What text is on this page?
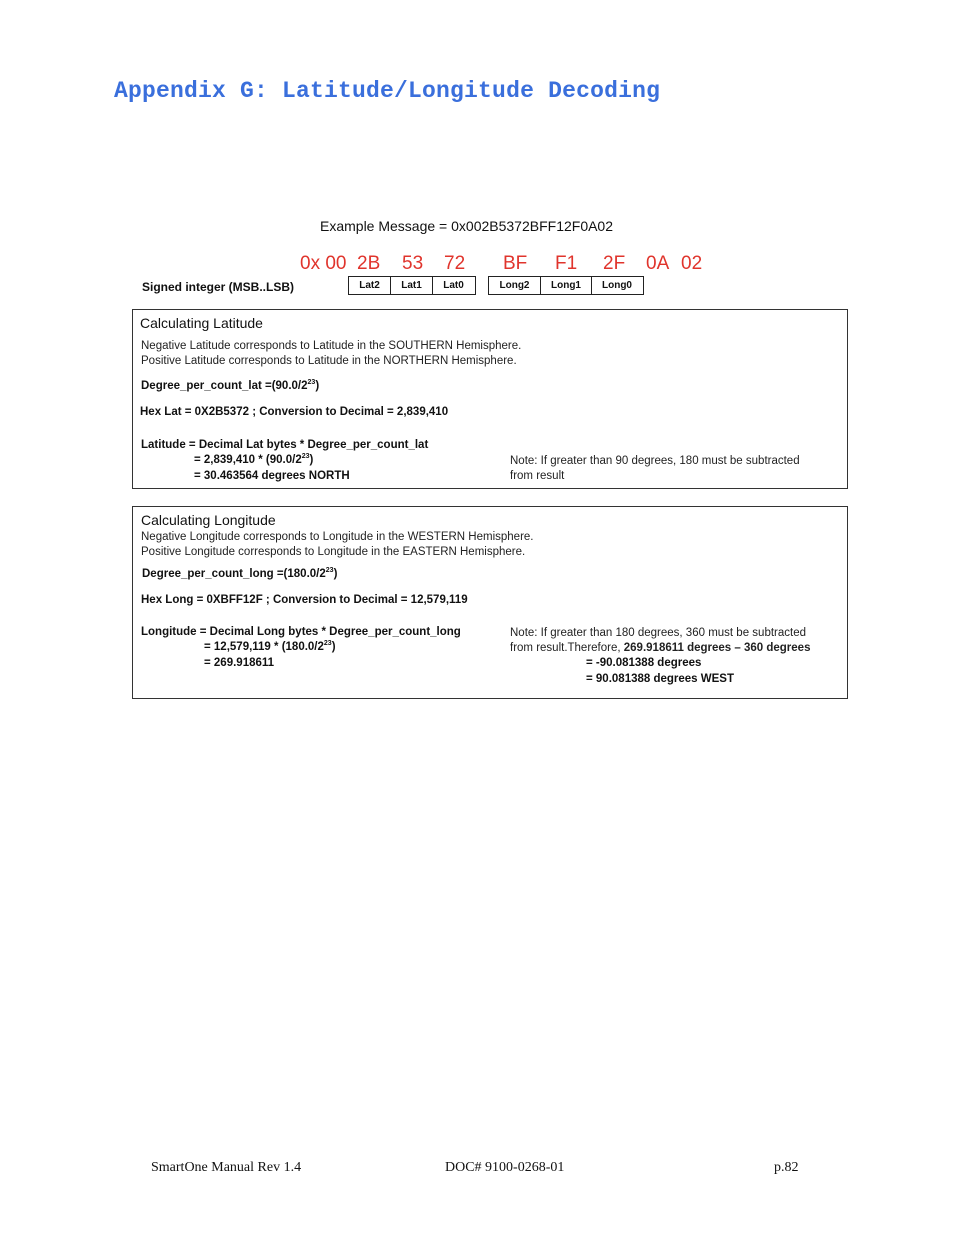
Appendix G: Latitude/Longitude Decoding
Example Message = 0x002B5372BFF12F0A02
0x 00 2B 53 72 BF F1 2F 0A 02
Signed integer (MSB..LSB)	Lat2	Lat1	Lat0	Long2	Long1	Long0
Calculating Latitude
Negative Latitude corresponds to Latitude in the SOUTHERN Hemisphere.
Positive Latitude corresponds to Latitude in the NORTHERN Hemisphere.
Degree_per_count_lat $=(90.0/2^{23})$
Hex Lat = 0X2B5372 ; Conversion to Decimal = 2,839,410
Latitude = Decimal Lat bytes * Degree_per_count_lat
= $2,839,410 * (90.0/2^{23})$
= 30.463564 degrees NORTH
Note: If greater than 90 degrees, 180 must be subtracted
from result
Calculating Longitude
Negative Longitude corresponds to Longitude in the WESTERN Hemisphere.
Positive Longitude corresponds to Longitude in the EASTERN Hemisphere.
Degree_per_count_long $=(180.0/2^{23})$
Hex Long = 0XBFF12F ; Conversion to Decimal = 12,579,119
Longitude = Decimal Long bytes * Degree_per_count_long
= $12,579,119 * (180.0/2^{23})$
= 269.918611
Note: If greater than 180 degrees, 360 must be subtracted
from result.Therefore, 269.918611 degrees – 360 degrees
= -90.081388 degrees
= 90.081388 degrees WEST
SmartOne Manual Rev 1.4	DOC# 9100-0268-01	p.82
